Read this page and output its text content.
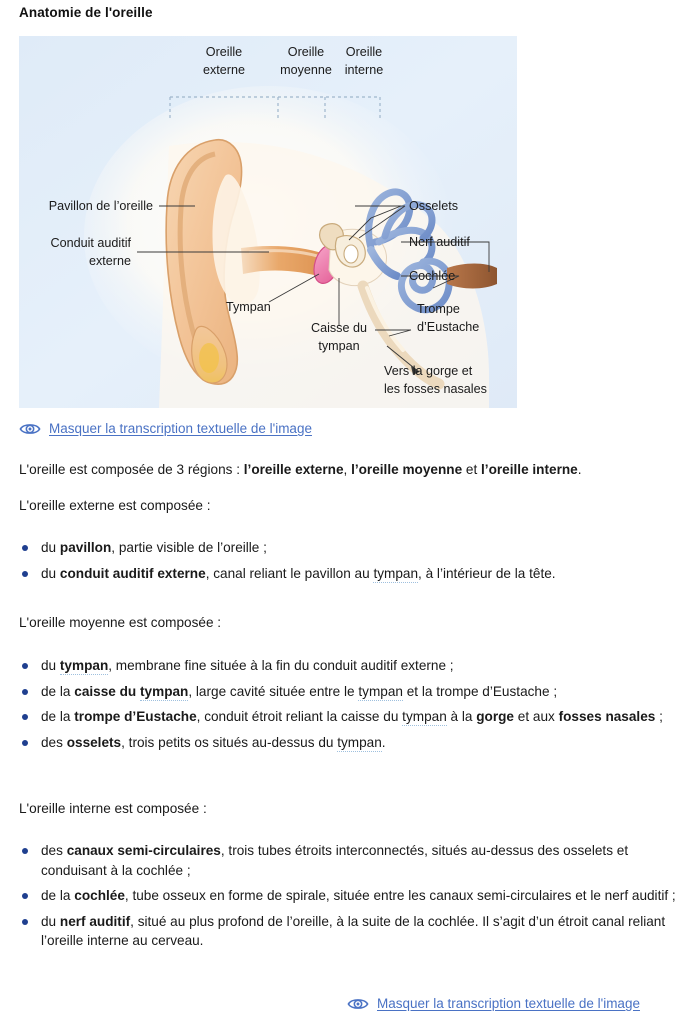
Anatomie de l'oreille
Oreille
externe
Oreille
moyenne
Oreille
interne
Pavillon de l’oreille
Conduit auditif
externe
Tympan
Caisse du
tympan
Osselets
Nerf auditif
Cochlée
Trompe
d’Eustache
Vers la gorge et
les fosses nasales
Masquer la transcription textuelle de l'image
L'oreille est composée de 3 régions : l’oreille externe, l’oreille moyenne et l’oreille interne.
L'oreille externe est composée :
du pavillon, partie visible de l’oreille ;
du conduit auditif externe, canal reliant le pavillon au tympan, à l’intérieur de la tête.
L'oreille moyenne est composée :
du tympan, membrane fine située à la fin du conduit auditif externe ;
de la caisse du tympan, large cavité située entre le tympan et la trompe d’Eustache ;
de la trompe d’Eustache, conduit étroit reliant la caisse du tympan à la gorge et aux fosses nasales ;
des osselets, trois petits os situés au-dessus du tympan.
L'oreille interne est composée :
des canaux semi-circulaires, trois tubes étroits interconnectés, situés au-dessus des osselets et conduisant à la cochlée ;
de la cochlée, tube osseux en forme de spirale, située entre les canaux semi-circulaires et le nerf auditif ;
du nerf auditif, situé au plus profond de l’oreille, à la suite de la cochlée. Il s’agit d’un étroit canal reliant l’oreille interne au cerveau.
Masquer la transcription textuelle de l'image
